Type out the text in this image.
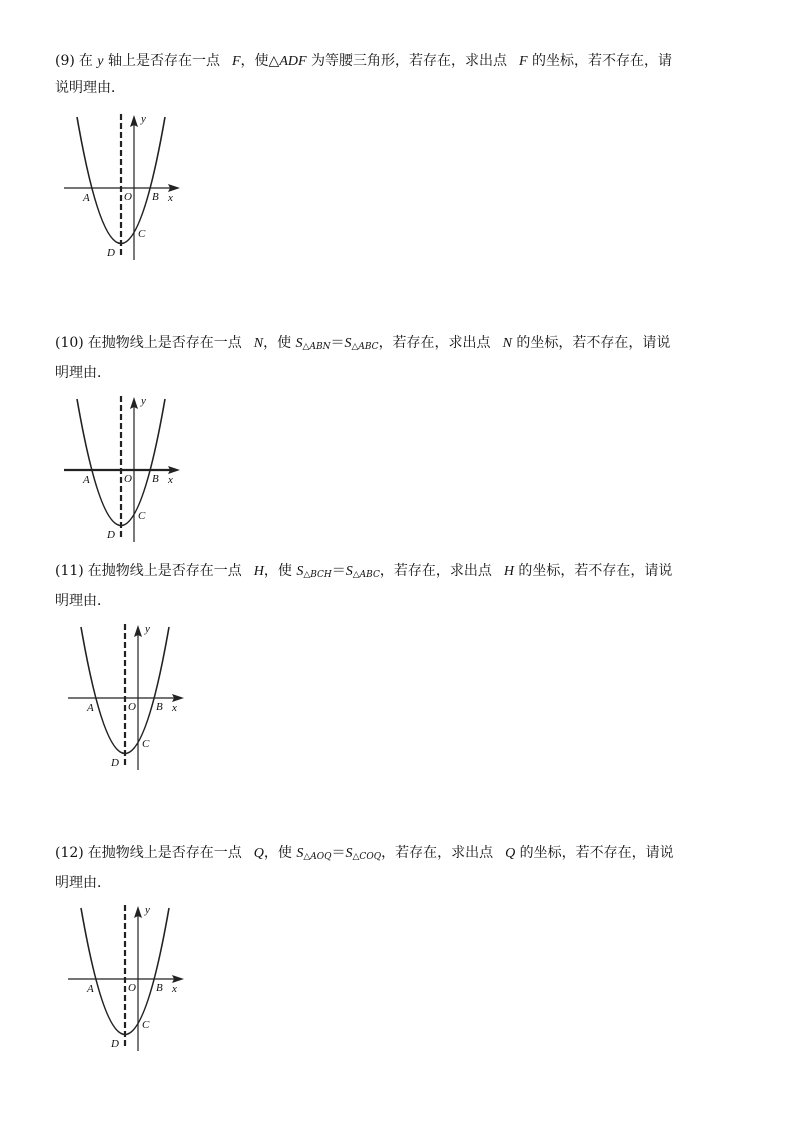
(9) 在 y 轴上是否存在一点 F，使△ADF 为等腰三角形，若存在，求出点 F 的坐标，若不存在，请

说明理由．

(10) 在抛物线上是否存在一点 N，使 $S_{\triangle ABN}=S_{\triangle ABC}$，若存在，求出点 N 的坐标，若不存在，请说

明理由．

(11) 在抛物线上是否存在一点 H，使 $S_{\triangle BCH}=S_{\triangle ABC}$，若存在，求出点 H 的坐标，若不存在，请说

明理由．

(12) 在抛物线上是否存在一点 Q，使 $S_{\triangle AOQ}=S_{\triangle COQ}$，若存在，求出点 Q 的坐标，若不存在，请说

明理由．

y
x
A	O B
C
D
y
x
A	O B
C
D
y
x
A	O B
C
D
y
x
A	O B
C
D
